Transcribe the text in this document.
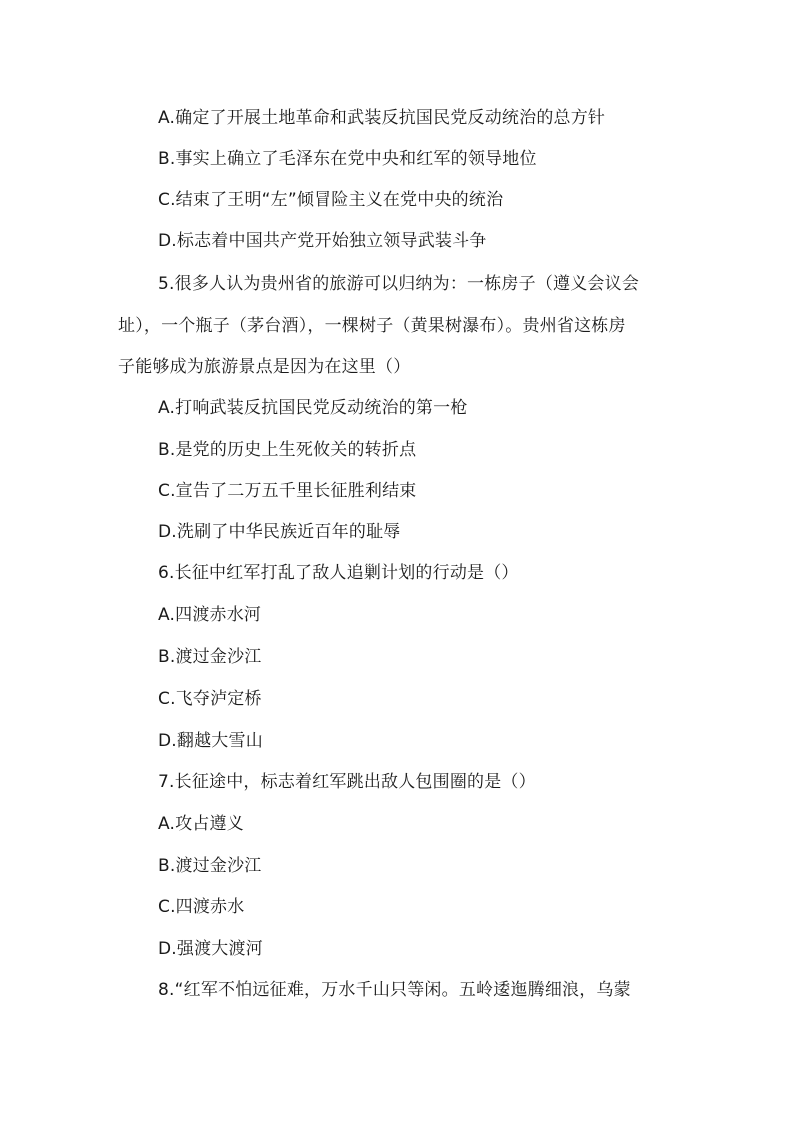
A.确定了开展土地革命和武装反抗国民党反动统治的总方针
B.事实上确立了毛泽东在党中央和红军的领导地位
C.结束了王明“左”倾冒险主义在党中央的统治
D.标志着中国共产党开始独立领导武装斗争
5.很多人认为贵州省的旅游可以归纳为：一栋房子（遵义会议会
址），一个瓶子（茅台酒），一棵树子（黄果树瀑布）。贵州省这栋房
子能够成为旅游景点是因为在这里（）
A.打响武装反抗国民党反动统治的第一枪
B.是党的历史上生死攸关的转折点
C.宣告了二万五千里长征胜利结束
D.洗刷了中华民族近百年的耻辱
6.长征中红军打乱了敌人追剿计划的行动是（）
A.四渡赤水河
B.渡过金沙江
C.飞夺泸定桥
D.翻越大雪山
7.长征途中，标志着红军跳出敌人包围圈的是（）
A.攻占遵义
B.渡过金沙江
C.四渡赤水
D.强渡大渡河
8.“红军不怕远征难，万水千山只等闲。五岭逶迤腾细浪，乌蒙
